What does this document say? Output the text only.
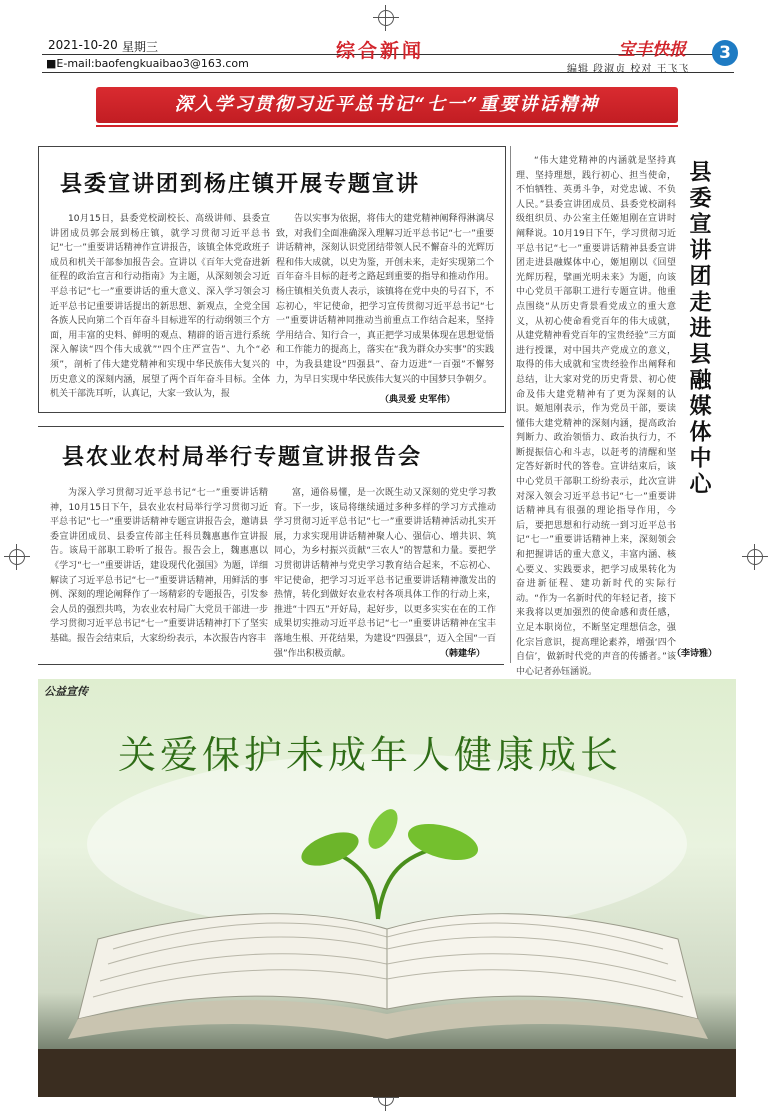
2021-10-20 星期三
■E-mail:baofengkuaibao3@163.com
综合新闻	宝丰快报	3
编辑 段淑贞 校对 王飞飞
深入学习贯彻习近平总书记“七一”重要讲话精神
县委宣讲团到杨庄镇开展专题宣讲
10月15日，县委党校副校长、高级讲师、县委宣讲团成员郭会展到杨庄镇，就学习贯彻习近平总书记“七一”重要讲话精神作宣讲报告，该镇全体党政班子成员和机关干部参加报告会。宣讲以《百年大党奋进新征程的政治宣言和行动指南》为主题，从深刻领会习近平总书记“七一”重要讲话的重大意义、深入学习领会习近平总书记重要讲话提出的新思想、新观点，全党全国各族人民向第二个百年奋斗目标进军的行动纲领三个方面，用丰富的史料、鲜明的观点、精辟的语言进行系统深入解读“四个伟大成就”“四个庄严宣告”、九个“必须”，剖析了伟大建党精神和实现中华民族伟大复兴的历史意义的深刻内涵，展望了两个百年奋斗目标。全体机关干部洗耳听，认真记，大家一致认为，报
告以实事为依据，将伟大的建党精神阐释得淋漓尽致，对我们全面准确深入理解习近平总书记“七一”重要讲话精神，深刻认识党团结带领人民不懈奋斗的光辉历程和伟大成就，以史为鉴，开创未来，走好实现第二个百年奋斗目标的赶考之路起到重要的指导和推动作用。杨庄镇相关负责人表示，该镇将在党中央的号召下，不忘初心，牢记使命，把学习宣传贯彻习近平总书记“七一”重要讲话精神同推动当前重点工作结合起来，坚持学用结合、知行合一，真正把学习成果体现在思想觉悟和工作能力的提高上，落实在“我为群众办实事”的实践中，为我县建设“四强县”、奋力迈进“一百强”不懈努力，为早日实现中华民族伟大复兴的中国梦只争朝夕。
（典灵爱 史军伟）
县农业农村局举行专题宣讲报告会
为深入学习贯彻习近平总书记“七一”重要讲话精神，10月15日下午，县农业农村局举行学习贯彻习近平总书记“七一”重要讲话精神专题宣讲报告会，邀请县委宣讲团成员、县委宣传部主任科员魏惠惠作宣讲报告。该局干部职工聆听了报告。报告会上，魏惠惠以《学习“七一”重要讲话，建设现代化强国》为题，详细解读了习近平总书记“七一”重要讲话精神，用鲜活的事例、深刻的理论阐释作了一场精彩的专题报告，引发参会人员的强烈共鸣，为农业农村局广大党员干部进一步学习贯彻习近平总书记“七一”重要讲话精神打下了坚实基础。报告会结束后，大家纷纷表示，本次报告内容丰
富，通俗易懂，是一次既生动又深刻的党史学习教育。下一步，该局将继续通过多种多样的学习方式推动学习贯彻习近平总书记“七一”重要讲话精神活动扎实开展，力求实现用讲话精神聚人心、强信心、增共识、筑同心，为乡村振兴贡献“三农人”的智慧和力量。要把学习贯彻讲话精神与党史学习教育结合起来，不忘初心、牢记使命，把学习习近平总书记重要讲话精神激发出的热情，转化到做好农业农村各项具体工作的行动上来，推进“十四五”开好局，起好步，以更多实实在在的工作成果切实推动习近平总书记“七一”重要讲话精神在宝丰落地生根、开花结果，为建设“四强县”，迈入全国“一百强”作出积极贡献。	（韩建华）
县委宣讲团走进县融媒体中心
“伟大建党精神的内涵就是坚持真理、坚持理想，践行初心、担当使命，不怕牺牲、英勇斗争，对党忠诚、不负人民。”县委宣讲团成员、县委党校副科级组织员、办公室主任姬旭刚在宣讲时阐释说。10月19日下午，学习贯彻习近平总书记“七一”重要讲话精神县委宣讲团走进县融媒体中心，姬旭刚以《回望光辉历程，擘画光明未来》为题，向该中心党员干部职工进行专题宣讲。他重点围绕“从历史背景看党成立的重大意义，从初心使命看党百年的伟大成就，从建党精神看党百年的宝贵经验”三方面进行授课，对中国共产党成立的意义，取得的伟大成就和宝贵经验作出阐释和总结，让大家对党的历史背景、初心使命及伟大建党精神有了更为深刻的认识。姬旭刚表示，作为党员干部，要读懂伟大建党精神的深刻内涵，提高政治判断力、政治领悟力、政治执行力，不断提振信心和斗志，以赶考的清醒和坚定答好新时代的答卷。宣讲结束后，该中心党员干部职工纷纷表示，此次宣讲对深入领会习近平总书记“七一”重要讲话精神具有很强的理论指导作用，今后，要把思想和行动统一到习近平总书记“七一”重要讲话精神上来，深刻领会和把握讲话的重大意义，丰富内涵、核心要义、实践要求，把学习成果转化为奋进新征程、建功新时代的实际行动。“作为一名新时代的年轻记者，接下来我将以更加强烈的使命感和责任感，立足本职岗位，不断坚定理想信念，强化宗旨意识，提高理论素养，增强‘四个自信’，做新时代党的声音的传播者。”该中心记者孙钰涵说。
（李诗雅）
公益宣传
关爱保护未成年人健康成长
